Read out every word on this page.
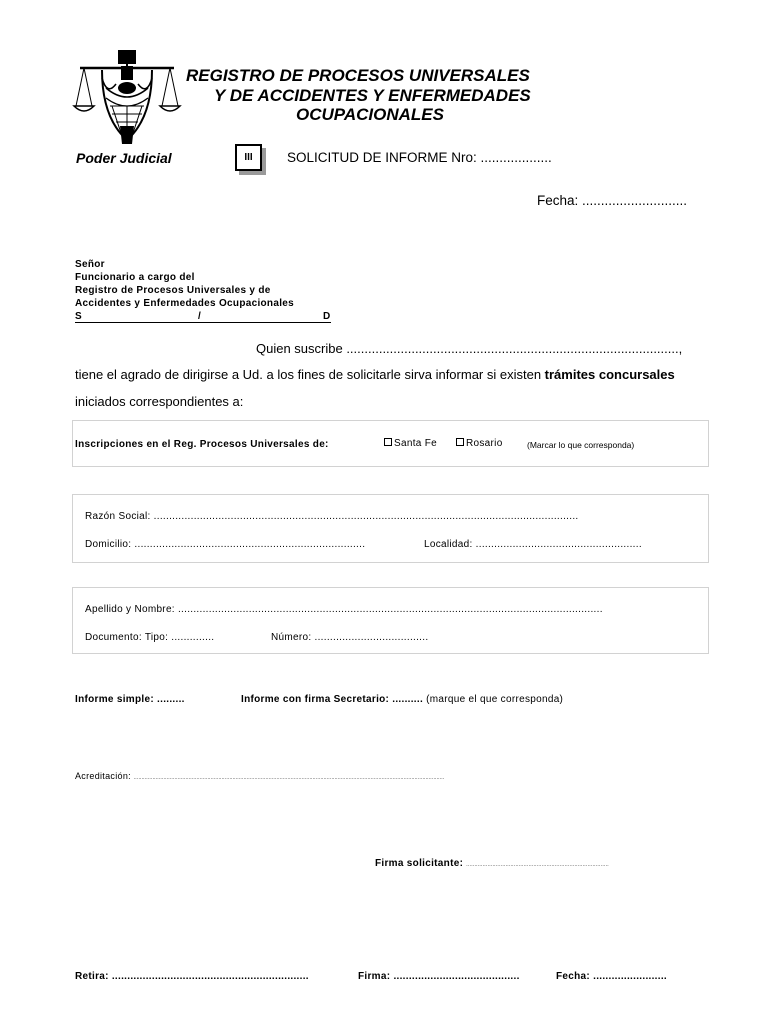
Poder Judicial
REGISTRO DE PROCESOS UNIVERSALES
Y DE ACCIDENTES Y ENFERMEDADES
OCUPACIONALES
III	SOLICITUD DE INFORME Nro: ...................
Fecha: ............................
Señor
Funcionario a cargo del
Registro de Procesos Universales y de
Accidentes y Enfermedades Ocupacionales
S	/	D
Quien suscribe ............................................................................................,
tiene el agrado de dirigirse a Ud. a los fines de solicitarle sirva informar si existen trámites concursales
iniciados correspondientes a:
Inscripciones en el Reg. Procesos Universales de:	Santa Fe	Rosario	(Marcar lo que corresponda)
Razón Social: ..........................................................................................................................................
Domicilio: ...........................................................................	Localidad: ......................................................
Apellido y Nombre: ..........................................................................................................................................
Documento: Tipo: ..............	Número: .....................................
Informe simple: .........	Informe con firma Secretario: .......... (marque el que corresponda)
Acreditación: ......................................................................................................................................................................................................
Firma solicitante: .......................................................................................
Retira: ................................................................	Firma: .........................................	Fecha: ........................
